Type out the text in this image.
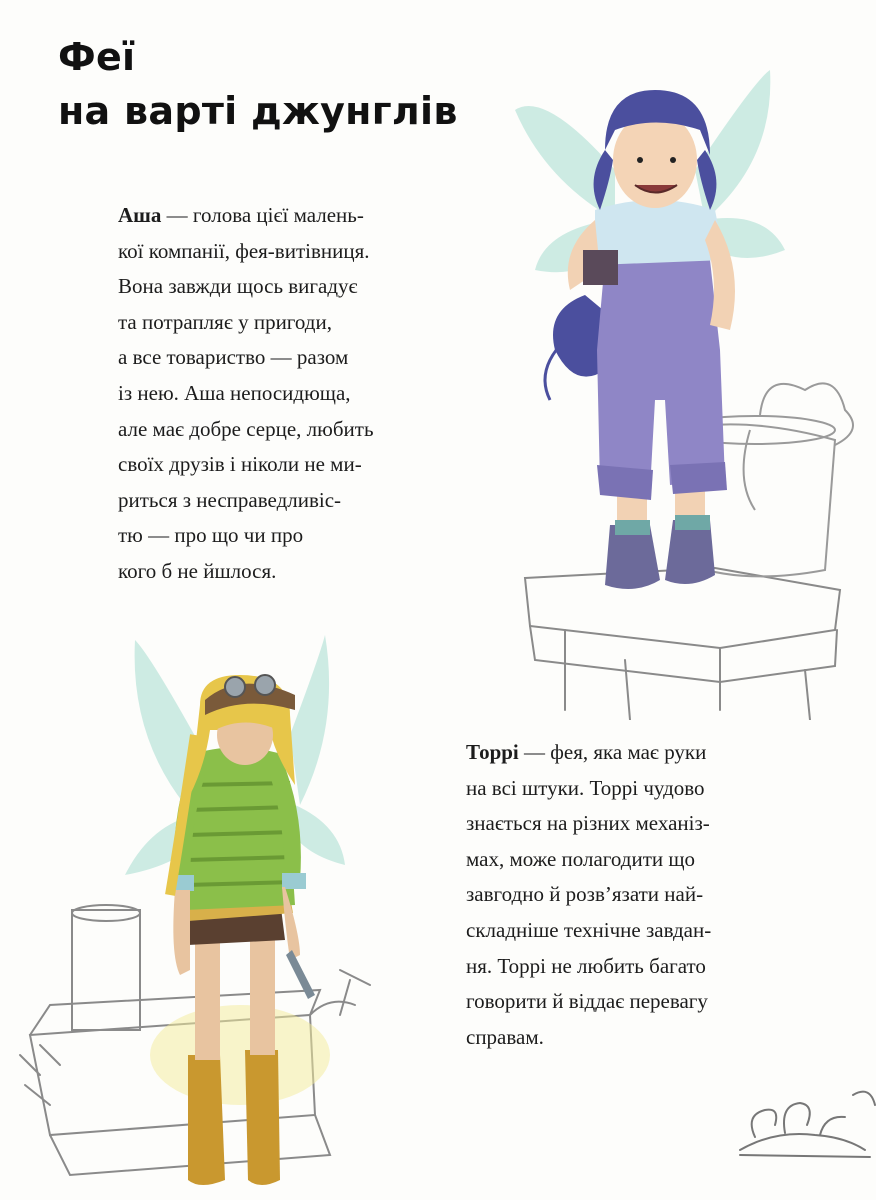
Феї
на варті джунглів

Аша — голова цієї малень-
кої компанії, фея-витівниця.
Вона завжди щось вигадує
та потрапляє у пригоди,
а все товариство — разом
із нею. Аша непосидюща,
але має добре серце, любить
своїх друзів і ніколи не ми-
риться з несправедливіс-
тю — про що чи про
кого б не йшлося.

Торрі — фея, яка має руки
на всі штуки. Торрі чудово
знається на різних механіз-
мах, може полагодити що
завгодно й розв’язати най-
складніше технічне завдан-
ня. Торрі не любить багато
говорити й віддає перевагу
справам.
